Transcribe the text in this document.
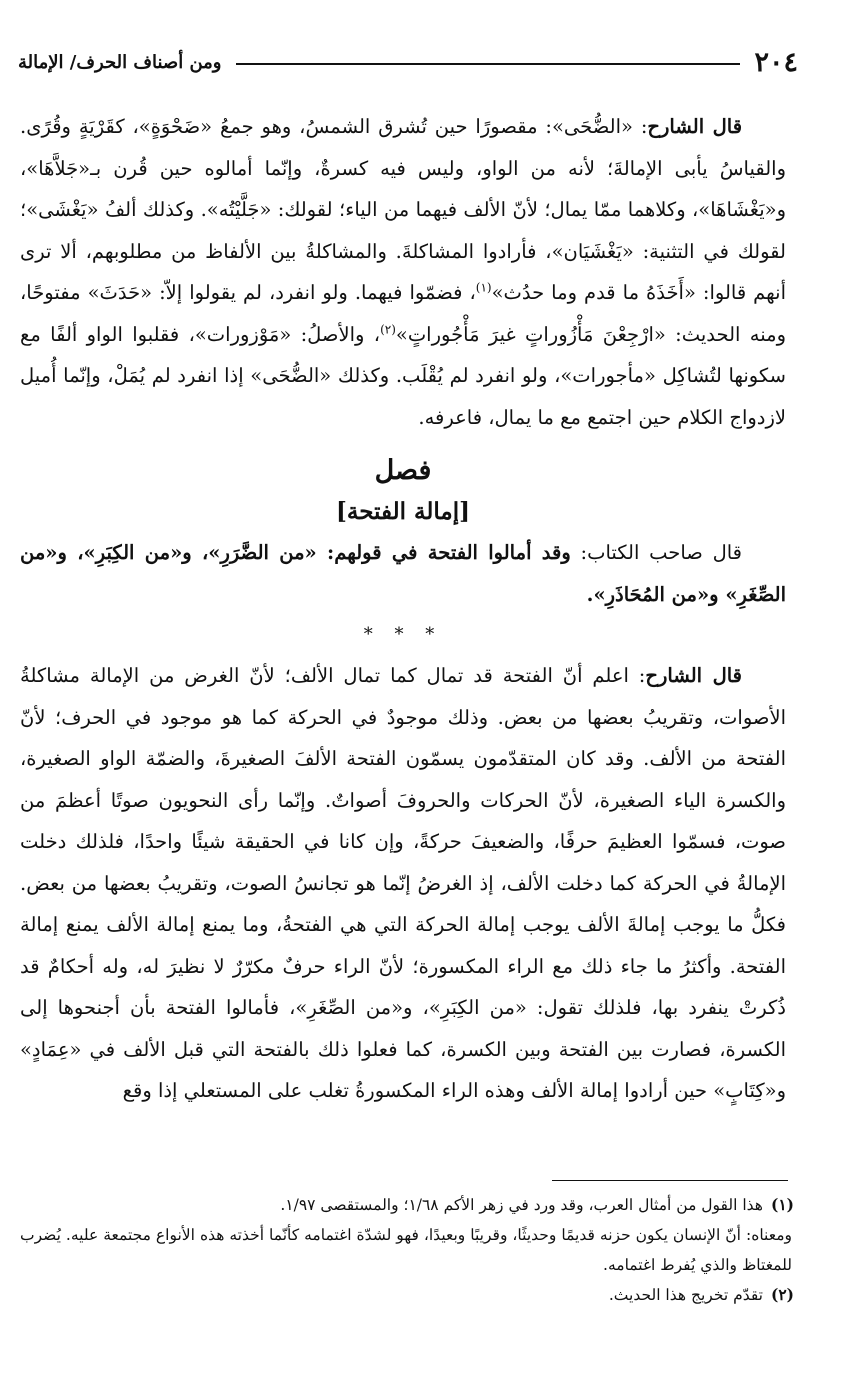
٢٠٤
ومن أصناف الحرف/ الإمالة

قال الشارح: «الضُّحَى»: مقصورًا حين تُشرق الشمسُ، وهو جمعُ «ضَحْوَةٍ»، كقَرْيَةٍ وقُرًى. والقياسُ يأبى الإمالةَ؛ لأنه من الواو، وليس فيه كسرةٌ، وإنّما أمالوه حين قُرن بـ«جَلاَّهَا»، و«يَغْشَاهَا»، وكلاهما ممّا يمال؛ لأنّ الألف فيهما من الياء؛ لقولك: «جَلَّيْتُه». وكذلك ألفُ «يَغْشَى»؛ لقولك في التثنية: «يَغْشَيَان»، فأرادوا المشاكلةَ. والمشاكلةُ بين الألفاظ من مطلوبهم، ألا ترى أنهم قالوا: «أَخَذَهُ ما قدم وما حدُث»$^{(١)}$، فضمّوا فيهما. ولو انفرد، لم يقولوا إلاّ: «حَدَثَ» مفتوحًا، ومنه الحديث: «ارْجِعْنَ مَأْزُوراتٍ غيرَ مَأْجُوراتٍ»$^{(٢)}$، والأصلُ: «مَوْزورات»، فقلبوا الواو ألفًا مع سكونها لتُشاكِل «مأجورات»، ولو انفرد لم يُقْلَب. وكذلك «الضُّحَى» إذا انفرد لم يُمَلْ، وإنّما أُميل لازدواج الكلام حين اجتمع مع ما يمال، فاعرفه.

فصل

[إمالة الفتحة]

قال صاحب الكتاب: وقد أمالوا الفتحة في قولهم: «من الضَّرَرِ»، و«من الكِبَرِ»، و«من الصِّغَرِ» و«من المُحَاذَرِ».

* * *

قال الشارح: اعلم أنّ الفتحة قد تمال كما تمال الألف؛ لأنّ الغرض من الإمالة مشاكلةُ الأصوات، وتقريبُ بعضها من بعض. وذلك موجودٌ في الحركة كما هو موجود في الحرف؛ لأنّ الفتحة من الألف. وقد كان المتقدّمون يسمّون الفتحة الألفَ الصغيرةَ، والضمّة الواو الصغيرة، والكسرة الياء الصغيرة، لأنّ الحركات والحروفَ أصواتٌ. وإنّما رأى النحويون صوتًا أعظمَ من صوت، فسمّوا العظيمَ حرفًا، والضعيفَ حركةً، وإن كانا في الحقيقة شيئًا واحدًا، فلذلك دخلت الإمالةُ في الحركة كما دخلت الألف، إذ الغرضُ إنّما هو تجانسُ الصوت، وتقريبُ بعضها من بعض. فكلُّ ما يوجب إمالةَ الألف يوجب إمالة الحركة التي هي الفتحةُ، وما يمنع إمالة الألف يمنع إمالة الفتحة. وأكثرُ ما جاء ذلك مع الراء المكسورة؛ لأنّ الراء حرفٌ مكرّرٌ لا نظيرَ له، وله أحكامٌ قد ذُكرتْ ينفرد بها، فلذلك تقول: «من الكِبَرِ»، و«من الصِّغَرِ»، فأمالوا الفتحة بأن أجنحوها إلى الكسرة، فصارت بين الفتحة وبين الكسرة، كما فعلوا ذلك بالفتحة التي قبل الألف في «عِمَادٍ» و«كِتَابٍ» حين أرادوا إمالة الألف وهذه الراء المكسورةُ تغلب على المستعلي إذا وقع

(١)هذا القول من أمثال العرب، وقد ورد في زهر الأكم ١/٦٨؛ والمستقصى ١/٩٧.

ومعناه: أنّ الإنسان يكون حزنه قديمًا وحديثًا، وقريبًا وبعيدًا، فهو لشدّة اغتمامه كأنّما أخذته هذه الأنواع مجتمعة عليه. يُضرب للمغتاظ والذي يُفرط اغتمامه.

(٢)تقدّم تخريج هذا الحديث.
